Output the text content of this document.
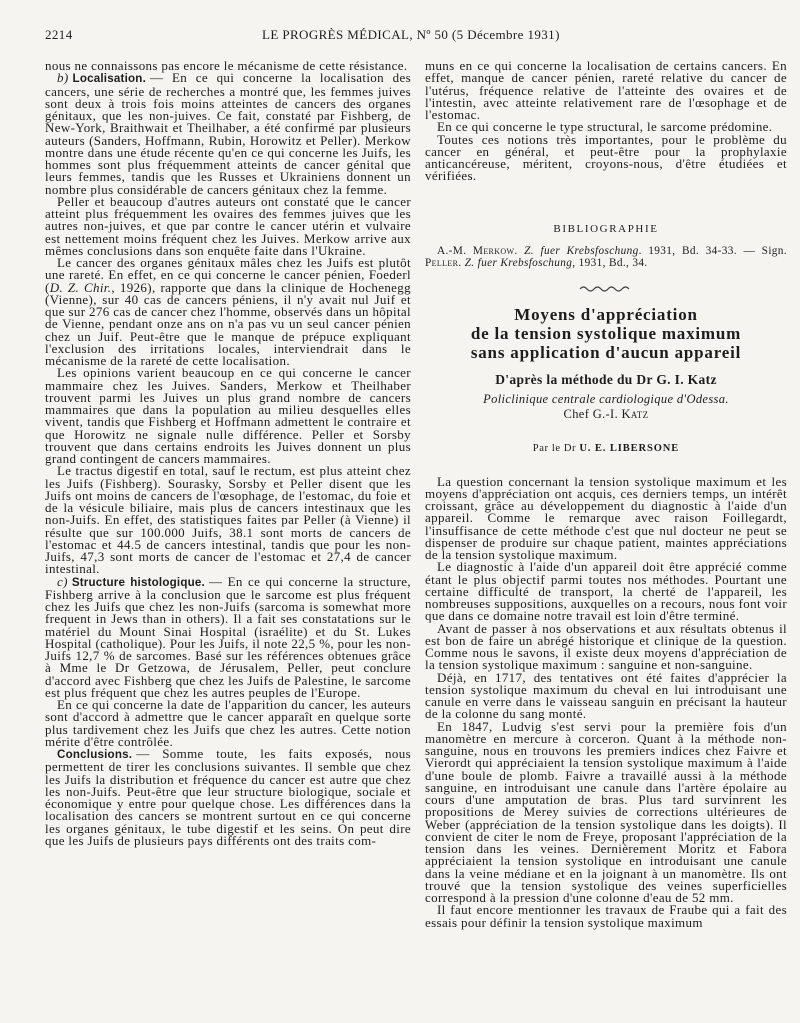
2214	LE PROGRÈS MÉDICAL, Nº 50 (5 Décembre 1931)

nous ne connaissons pas encore le mécanisme de cette résistance.

b) Localisation. — En ce qui concerne la localisation des cancers, une série de recherches a montré que, les femmes juives sont deux à trois fois moins atteintes de cancers des organes génitaux, que les non-juives. Ce fait, constaté par Fishberg, de New-York, Braithwait et Theilhaber, a été confirmé par plusieurs auteurs (Sanders, Hoffmann, Rubin, Horowitz et Peller). Merkow montre dans une étude récente qu'en ce qui concerne les Juifs, les hommes sont plus fréquemment atteints de cancer génital que leurs femmes, tandis que les Russes et Ukrainiens donnent un nombre plus considérable de cancers génitaux chez la femme.

Peller et beaucoup d'autres auteurs ont constaté que le cancer atteint plus fréquemment les ovaires des femmes juives que les autres non-juives, et que par contre le cancer utérin et vulvaire est nettement moins fréquent chez les Juives. Merkow arrive aux mêmes conclusions dans son enquête faite dans l'Ukraine.

Le cancer des organes génitaux mâles chez les Juifs est plutôt une rareté. En effet, en ce qui concerne le cancer pénien, Foederl (D. Z. Chir., 1926), rapporte que dans la clinique de Hochenegg (Vienne), sur 40 cas de cancers péniens, il n'y avait nul Juif et que sur 276 cas de cancer chez l'homme, observés dans un hôpital de Vienne, pendant onze ans on n'a pas vu un seul cancer pénien chez un Juif. Peut-être que le manque de prépuce expliquant l'exclusion des irritations locales, interviendrait dans le mécanisme de la rareté de cette localisation.

Les opinions varient beaucoup en ce qui concerne le cancer mammaire chez les Juives. Sanders, Merkow et Theilhaber trouvent parmi les Juives un plus grand nombre de cancers mammaires que dans la population au milieu desquelles elles vivent, tandis que Fishberg et Hoffmann admettent le contraire et que Horowitz ne signale nulle différence. Peller et Sorsby trouvent que dans certains endroits les Juives donnent un plus grand contingent de cancers mammaires.

Le tractus digestif en total, sauf le rectum, est plus atteint chez les Juifs (Fishberg). Sourasky, Sorsby et Peller disent que les Juifs ont moins de cancers de l'œsophage, de l'estomac, du foie et de la vésicule biliaire, mais plus de cancers intestinaux que les non-Juifs. En effet, des statistiques faites par Peller (à Vienne) il résulte que sur 100.000 Juifs, 38.1 sont morts de cancers de l'estomac et 44.5 de cancers intestinal, tandis que pour les non-Juifs, 47,3 sont morts de cancer de l'estomac et 27,4 de cancer intestinal.

c) Structure histologique. — En ce qui concerne la structure, Fishberg arrive à la conclusion que le sarcome est plus fréquent chez les Juifs que chez les non-Juifs (sarcoma is somewhat more frequent in Jews than in others). Il a fait ses constatations sur le matériel du Mount Sinai Hospital (israélite) et du St. Lukes Hospital (catholique). Pour les Juifs, il note 22,5 %, pour les non-Juifs 12,7 % de sarcomes. Basé sur les références obtenues grâce à Mme le Dr Getzowa, de Jérusalem, Peller, peut conclure d'accord avec Fishberg que chez les Juifs de Palestine, le sarcome est plus fréquent que chez les autres peuples de l'Europe.

En ce qui concerne la date de l'apparition du cancer, les auteurs sont d'accord à admettre que le cancer apparaît en quelque sorte plus tardivement chez les Juifs que chez les autres. Cette notion mérite d'être contrôlée.

Conclusions. — Somme toute, les faits exposés, nous permettent de tirer les conclusions suivantes. Il semble que chez les Juifs la distribution et fréquence du cancer est autre que chez les non-Juifs. Peut-être que leur structure biologique, sociale et économique y entre pour quelque chose. Les différences dans la localisation des cancers se montrent surtout en ce qui concerne les organes génitaux, le tube digestif et les seins. On peut dire que les Juifs de plusieurs pays différents ont des traits com-

muns en ce qui concerne la localisation de certains cancers. En effet, manque de cancer pénien, rareté relative du cancer de l'utérus, fréquence relative de l'atteinte des ovaires et de l'intestin, avec atteinte relativement rare de l'œsophage et de l'estomac.

En ce qui concerne le type structural, le sarcome prédomine.

Toutes ces notions très importantes, pour le problème du cancer en général, et peut-être pour la prophylaxie anticancéreuse, méritent, croyons-nous, d'être étudiées et vérifiées.

BIBLIOGRAPHIE

A.-M. Merkow. Z. fuer Krebsfoschung. 1931, Bd. 34-33. — Sign. Peller. Z. fuer Krebsfoschung, 1931, Bd., 34.

Moyens d'appréciation
de la tension systolique maximum
sans application d'aucun appareil

D'après la méthode du Dr G. I. Katz

Policlinique centrale cardiologique d'Odessa.

Chef G.-I. Katz

Par le Dr U. E. LIBERSONE

La question concernant la tension systolique maximum et les moyens d'appréciation ont acquis, ces derniers temps, un intérêt croissant, grâce au développement du diagnostic à l'aide d'un appareil. Comme le remarque avec raison Foillegardt, l'insuffisance de cette méthode c'est que nul docteur ne peut se dispenser de produire sur chaque patient, maintes appréciations de la tension systolique maximum.

Le diagnostic à l'aide d'un appareil doit être apprécié comme étant le plus objectif parmi toutes nos méthodes. Pourtant une certaine difficulté de transport, la cherté de l'appareil, les nombreuses suppositions, auxquelles on a recours, nous font voir que dans ce domaine notre travail est loin d'être terminé.

Avant de passer à nos observations et aux résultats obtenus il est bon de faire un abrégé historique et clinique de la question. Comme nous le savons, il existe deux moyens d'appréciation de la tension systolique maximum : sanguine et non-sanguine.

Déjà, en 1717, des tentatives ont été faites d'apprécier la tension systolique maximum du cheval en lui introduisant une canule en verre dans le vaisseau sanguin en précisant la hauteur de la colonne du sang monté.

En 1847, Ludvig s'est servi pour la première fois d'un manomètre en mercure à corceron. Quant à la méthode non-sanguine, nous en trouvons les premiers indices chez Faivre et Vierordt qui appréciaient la tension systolique maximum à l'aide d'une boule de plomb. Faivre a travaillé aussi à la méthode sanguine, en introduisant une canule dans l'artère épolaire au cours d'une amputation de bras. Plus tard survinrent les propositions de Merey suivies de corrections ultérieures de Weber (appréciation de la tension systolique dans les doigts). Il convient de citer le nom de Freye, proposant l'appréciation de la tension dans les veines. Dernièrement Moritz et Fabora appréciaient la tension systolique en introduisant une canule dans la veine médiane et en la joignant à un manomètre. Ils ont trouvé que la tension systolique des veines superficielles correspond à la pression d'une colonne d'eau de 52 mm.

Il faut encore mentionner les travaux de Fraube qui a fait des essais pour définir la tension systolique maximum
